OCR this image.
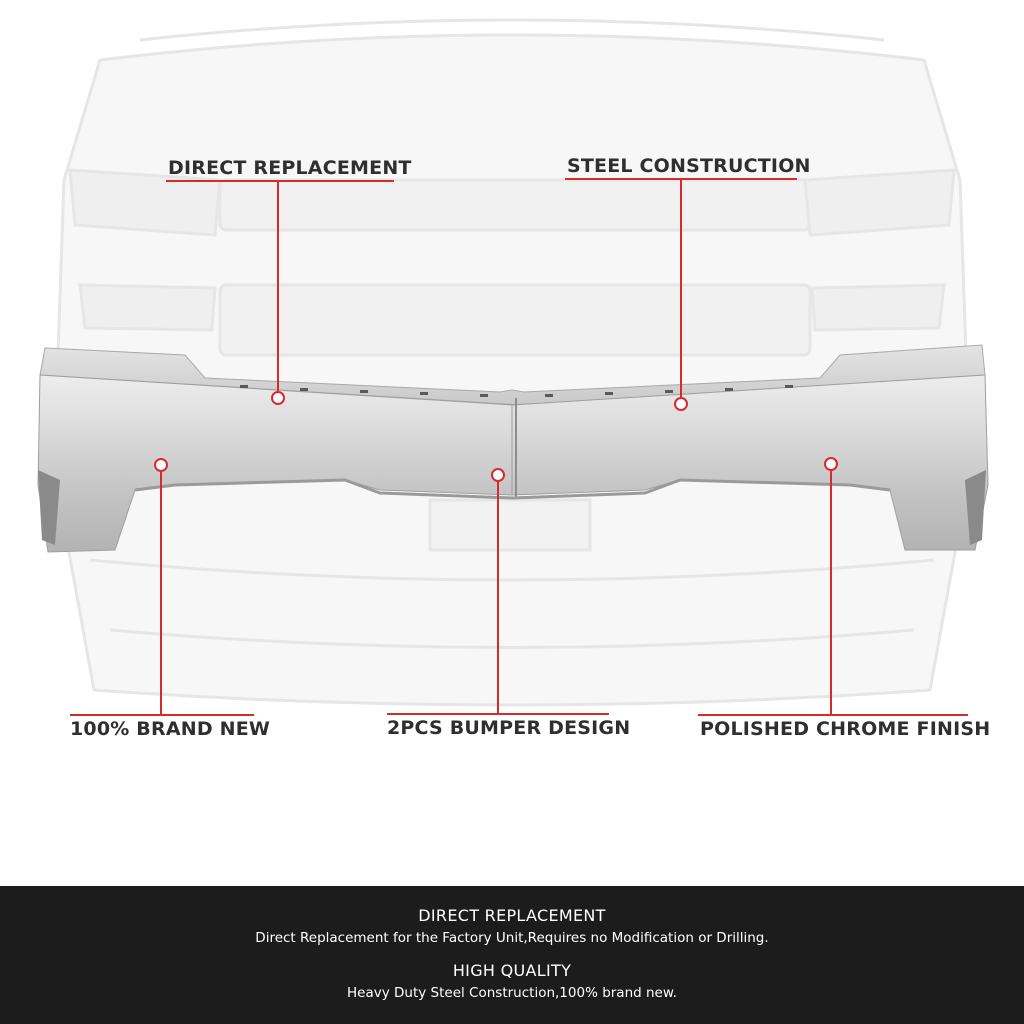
DIRECT REPLACEMENT	STEEL CONSTRUCTION
100% BRAND NEW	2PCS BUMPER DESIGN	POLISHED CHROME FINISH
DIRECT REPLACEMENT
Direct Replacement for the Factory Unit,Requires no Modification or Drilling.
HIGH QUALITY
Heavy Duty Steel Construction,100% brand new.
